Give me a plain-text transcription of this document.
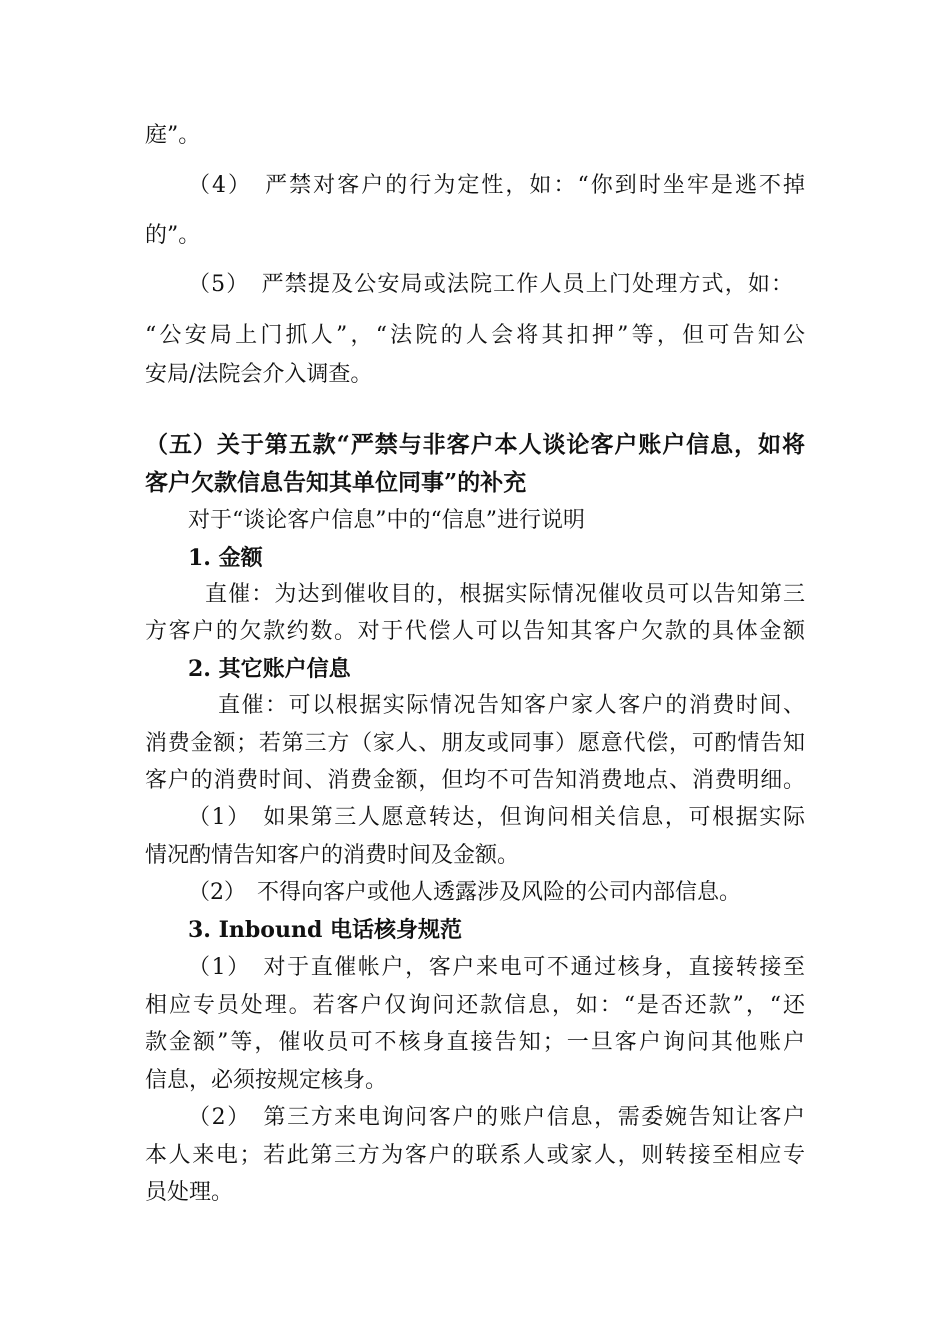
庭”。
（4）　严禁对客户的行为定性，如：“你到时坐牢是逃不掉
的”。
（5）　严禁提及公安局或法院工作人员上门处理方式，如：
“公安局上门抓人”，“法院的人会将其扣押”等，但可告知公
安局/法院会介入调查。
（五）关于第五款“严禁与非客户本人谈论客户账户信息，如将
客户欠款信息告知其单位同事”的补充
对于“谈论客户信息”中的“信息”进行说明
1. 金额
直催：为达到催收目的，根据实际情况催收员可以告知第三
方客户的欠款约数。对于代偿人可以告知其客户欠款的具体金额
2. 其它账户信息
直催：可以根据实际情况告知客户家人客户的消费时间、
消费金额；若第三方（家人、朋友或同事）愿意代偿，可酌情告知
客户的消费时间、消费金额，但均不可告知消费地点、消费明细。
（1）　如果第三人愿意转达，但询问相关信息，可根据实际
情况酌情告知客户的消费时间及金额。
（2）　不得向客户或他人透露涉及风险的公司内部信息。
3. Inbound 电话核身规范
（1）　对于直催帐户，客户来电可不通过核身，直接转接至
相应专员处理。若客户仅询问还款信息，如：“是否还款”，“还
款金额”等，催收员可不核身直接告知；一旦客户询问其他账户
信息，必须按规定核身。
（2）　第三方来电询问客户的账户信息，需委婉告知让客户
本人来电；若此第三方为客户的联系人或家人，则转接至相应专
员处理。
